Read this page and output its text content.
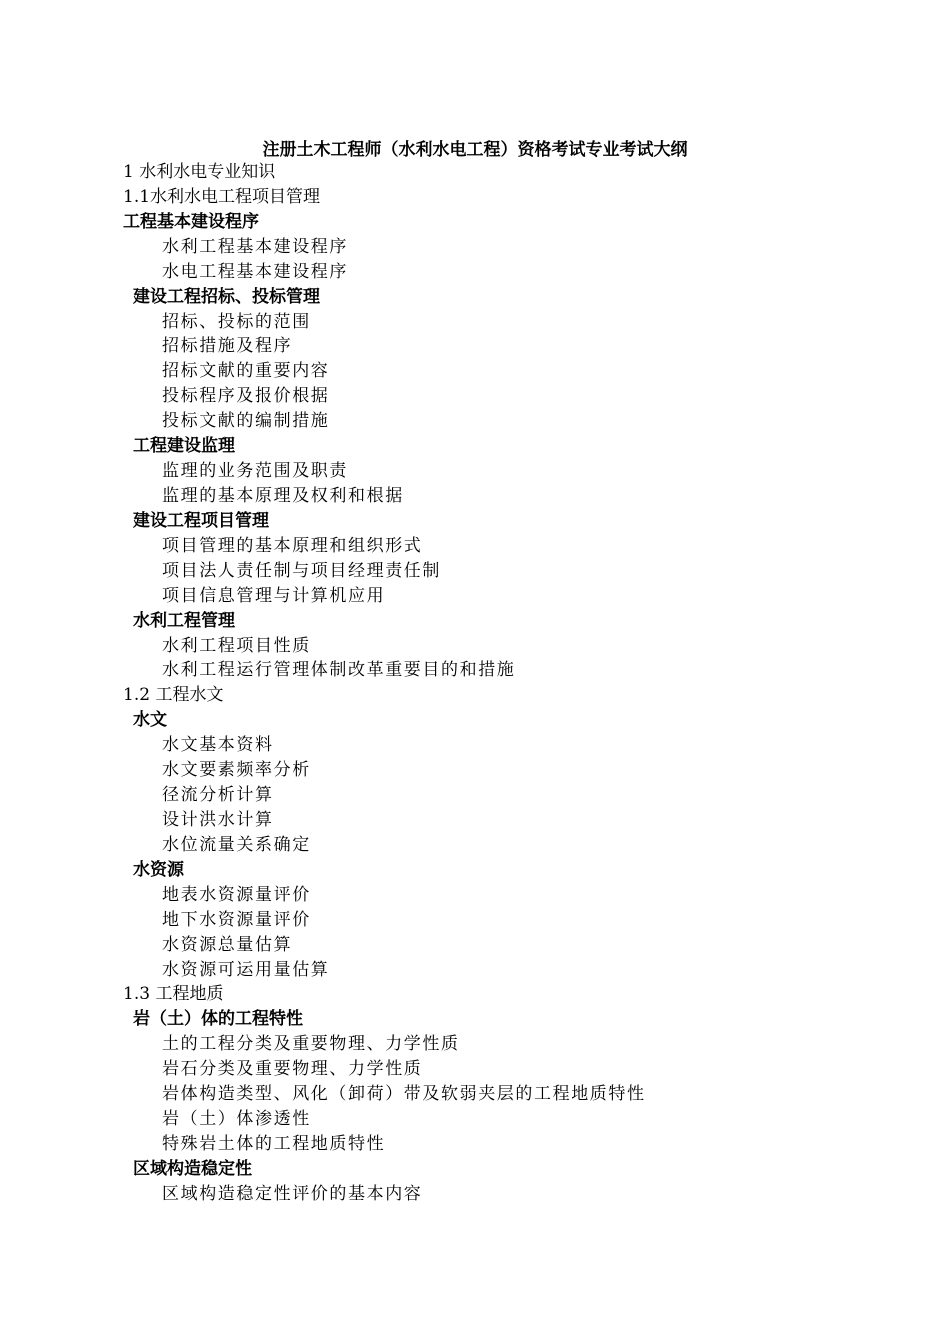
注册土木工程师（水利水电工程）资格考试专业考试大纲
1 水利水电专业知识
1.1水利水电工程项目管理
工程基本建设程序
水利工程基本建设程序
水电工程基本建设程序
建设工程招标、投标管理
招标、投标的范围
招标措施及程序
招标文献的重要内容
投标程序及报价根据
投标文献的编制措施
工程建设监理
监理的业务范围及职责
监理的基本原理及权利和根据
建设工程项目管理
项目管理的基本原理和组织形式
项目法人责任制与项目经理责任制
项目信息管理与计算机应用
水利工程管理
水利工程项目性质
水利工程运行管理体制改革重要目的和措施
1.2 工程水文
水文
水文基本资料
水文要素频率分析
径流分析计算
设计洪水计算
水位流量关系确定
水资源
地表水资源量评价
地下水资源量评价
水资源总量估算
水资源可运用量估算
1.3 工程地质
岩（土）体的工程特性
土的工程分类及重要物理、力学性质
岩石分类及重要物理、力学性质
岩体构造类型、风化（卸荷）带及软弱夹层的工程地质特性
岩（土）体渗透性
特殊岩土体的工程地质特性
区域构造稳定性
区域构造稳定性评价的基本内容
